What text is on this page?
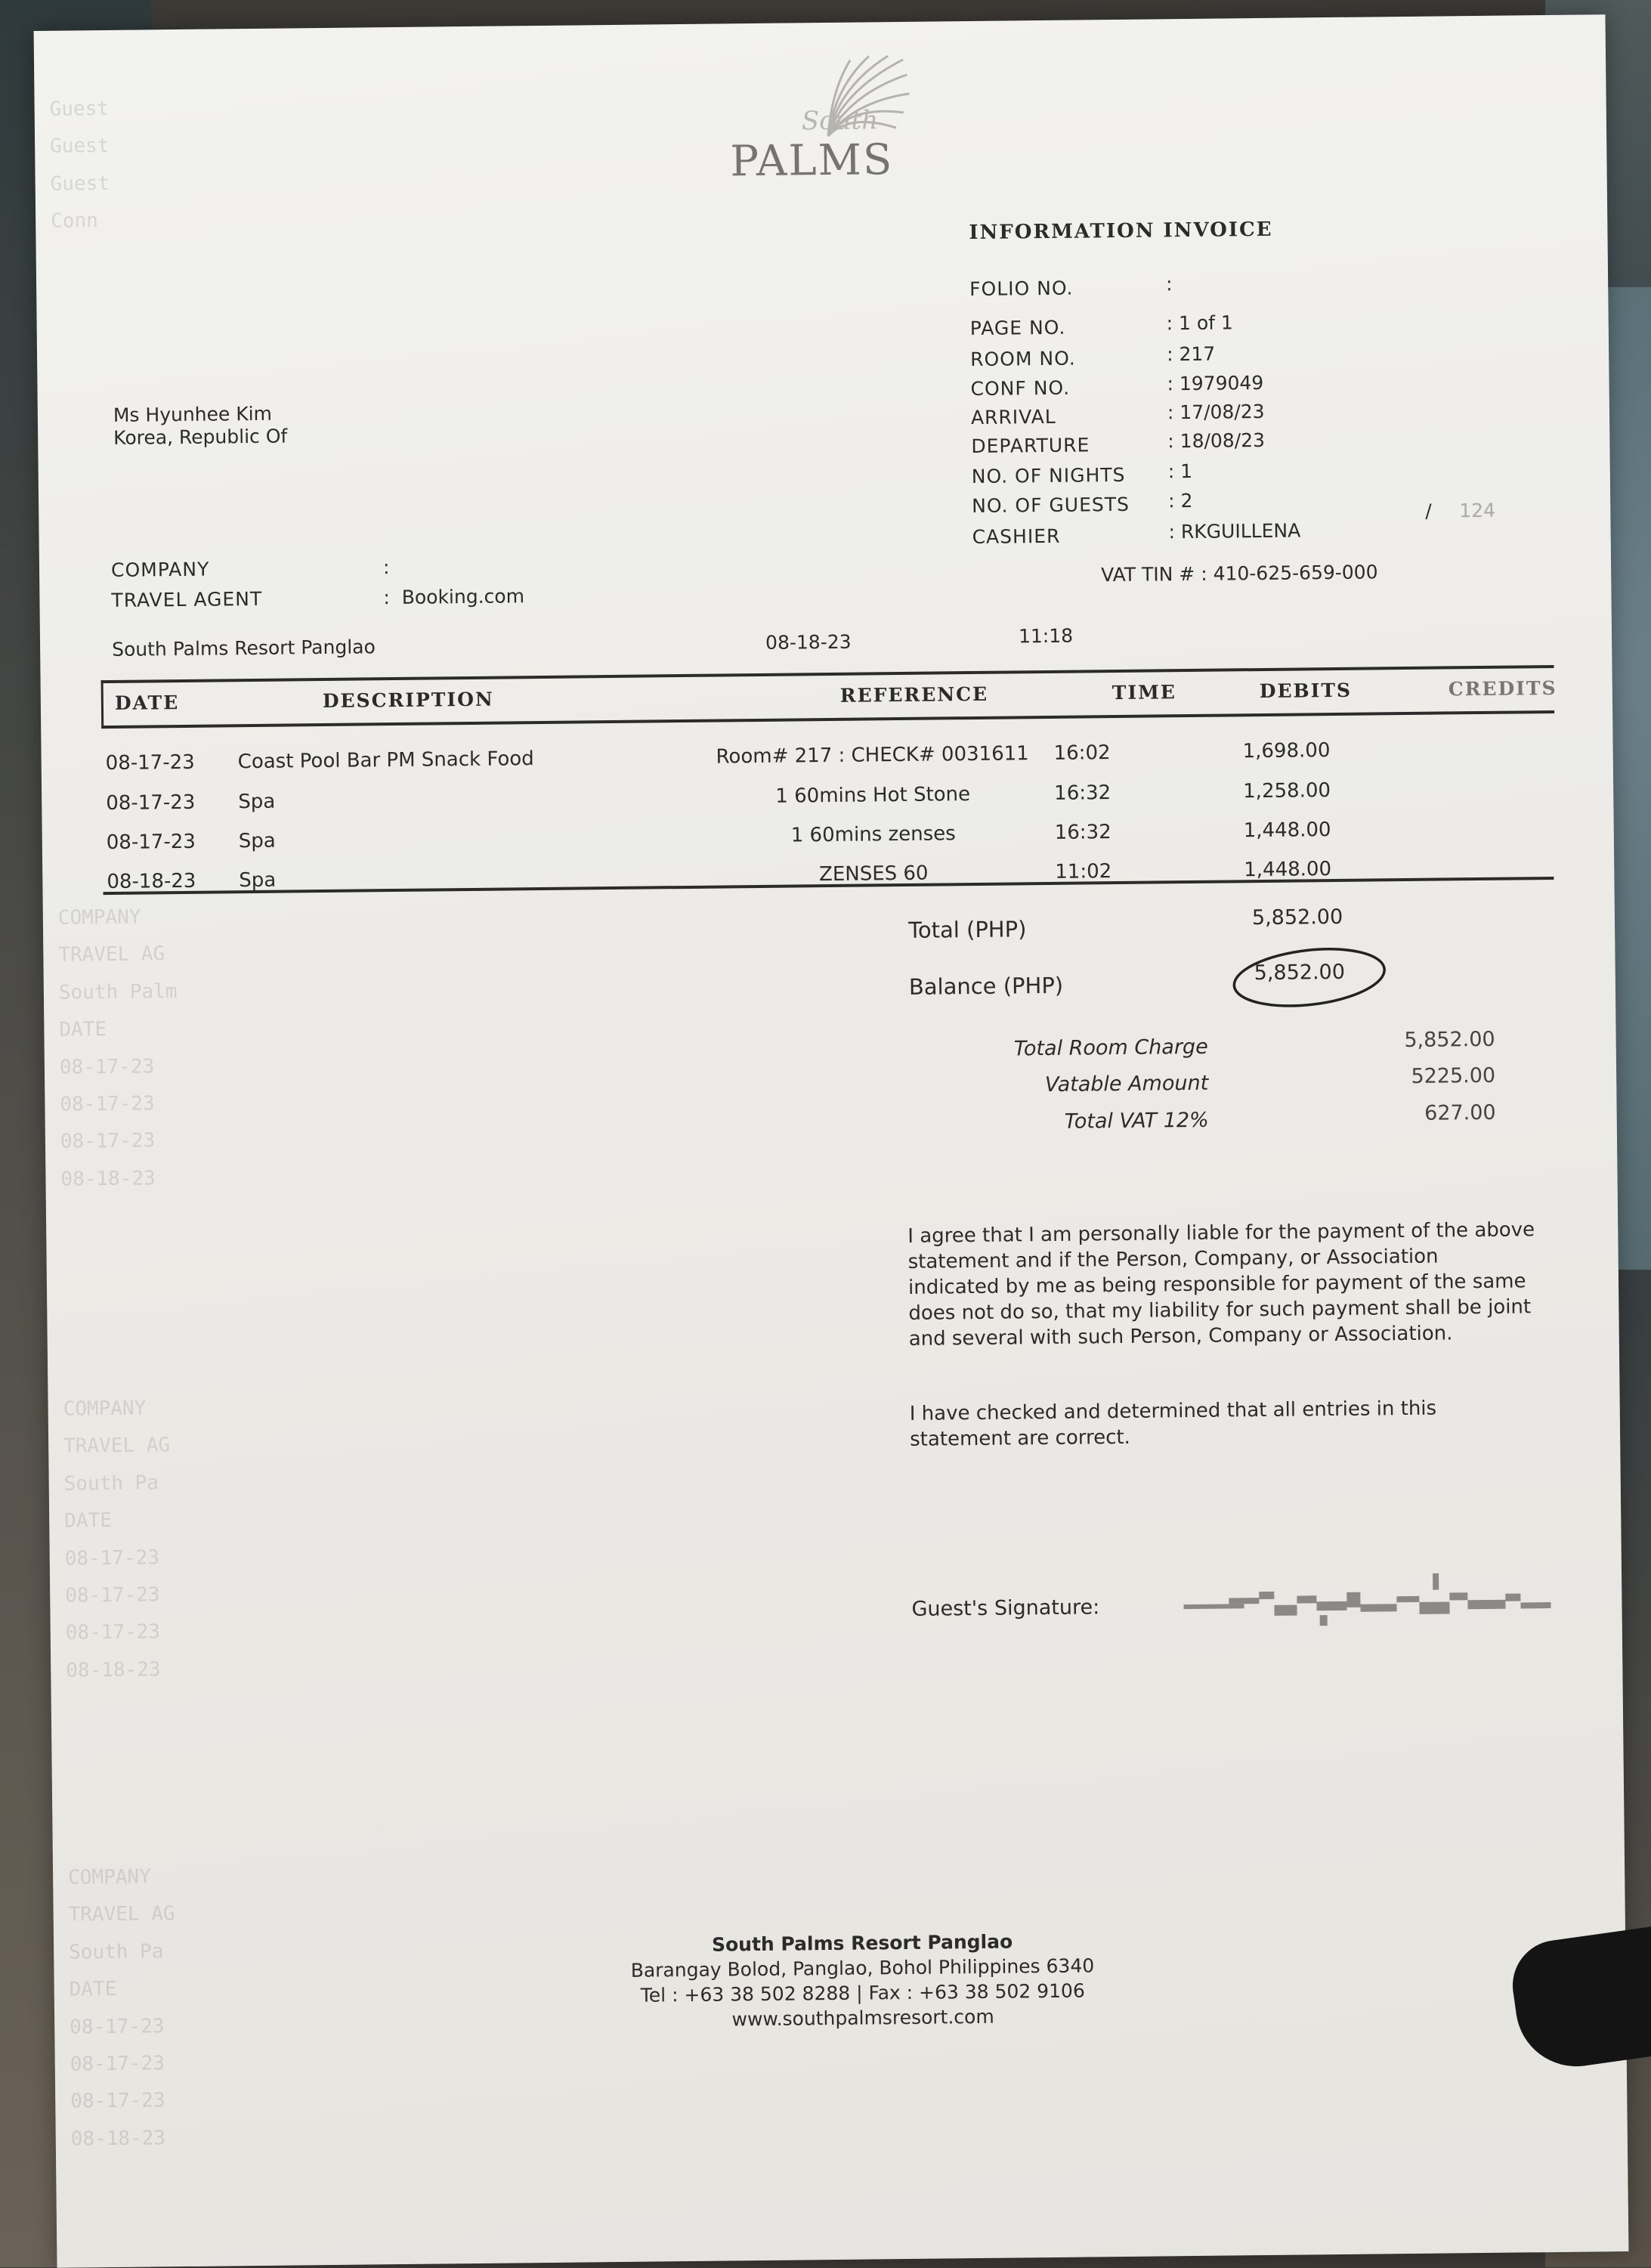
Guest
Guest
Guest
Conn
COMPANY
TRAVEL AG
South Palm
DATE
08-17-23
08-17-23
08-17-23
08-18-23
COMPANY
TRAVEL AG
South Pa
DATE
08-17-23
08-17-23
08-17-23
08-18-23
COMPANY
TRAVEL AG
South Pa
DATE
08-17-23
08-17-23
08-17-23
08-18-23
South
PALMS
INFORMATION INVOICE
FOLIO NO.	:
PAGE NO.	: 1 of 1
ROOM NO.	: 217
CONF NO.	: 1979049
ARRIVAL	: 17/08/23
DEPARTURE	: 18/08/23
NO. OF NIGHTS : 1
NO. OF GUESTS : 2
CASHIER	: RKGUILLENA
/ 124
VAT TIN # : 410-625-659-000
Ms Hyunhee Kim
Korea, Republic Of
COMPANY	:
TRAVEL AGENT	:  Booking.com
South Palms Resort Panglao	08-18-23	11:18
DATE	DESCRIPTION	REFERENCE	TIME	DEBITS	CREDITS
08-17-23 Coast Pool Bar PM Snack Food	Room# 217 : CHECK# 0031611	16:02	1,698.00
08-17-23 Spa	1 60mins Hot Stone	16:32	1,258.00
08-17-23 Spa	1 60mins zenses	16:32	1,448.00
08-18-23 Spa	ZENSES 60	11:02	1,448.00
Total (PHP)	5,852.00
Balance (PHP)	5,852.00
Total Room Charge	5,852.00
Vatable Amount	5225.00
Total VAT 12%	627.00
I agree that I am personally liable for the payment of the above statement and if the Person, Company, or Association indicated by me as being responsible for payment of the same does not do so, that my liability for such payment shall be joint and several with such Person, Company or Association.
I have checked and determined that all entries in this statement are correct.
Guest's Signature:
South Palms Resort Panglao
Barangay Bolod, Panglao, Bohol Philippines 6340
Tel : +63 38 502 8288 | Fax : +63 38 502 9106
www.southpalmsresort.com
